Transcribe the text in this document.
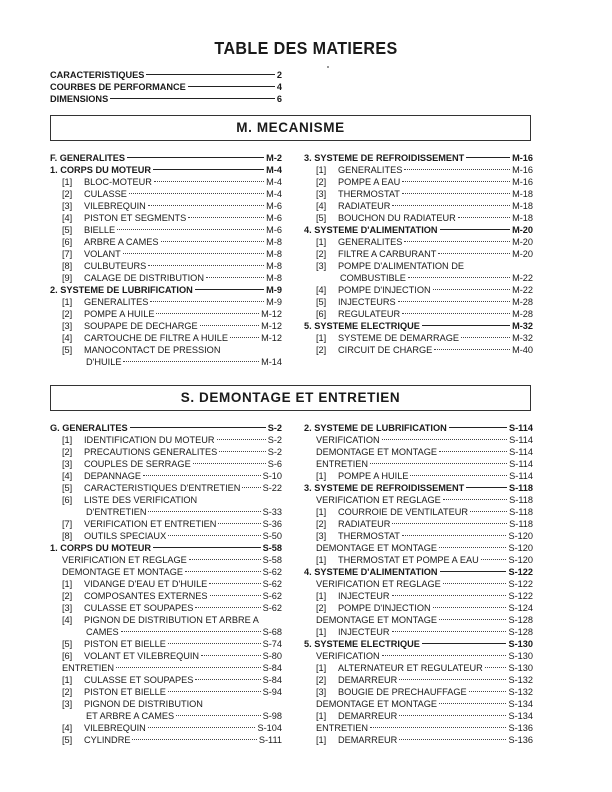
TABLE DES MATIERES
CARACTERISTIQUES	2
COURBES DE PERFORMANCE	4
DIMENSIONS	6
M. MECANISME
F. GENERALITES	M-2
1. CORPS DU MOTEUR	M-4
[1] BLOC-MOTEUR	M-4
[2] CULASSE	M-4
[3] VILEBREQUIN	M-6
[4] PISTON ET SEGMENTS	M-6
[5] BIELLE	M-6
[6] ARBRE A CAMES	M-8
[7] VOLANT	M-8
[8] CULBUTEURS	M-8
[9] CALAGE DE DISTRIBUTION	M-8
2. SYSTEME DE LUBRIFICATION	M-9
[1] GENERALITES	M-9
[2] POMPE A HUILE	M-12
[3] SOUPAPE DE DECHARGE	M-12
[4] CARTOUCHE DE FILTRE A HUILE	M-12
[5] MANOCONTACT DE PRESSION
D'HUILE	M-14
3. SYSTEME DE REFROIDISSEMENT	M-16
[1] GENERALITES	M-16
[2] POMPE A EAU	M-16
[3] THERMOSTAT	M-18
[4] RADIATEUR	M-18
[5] BOUCHON DU RADIATEUR	M-18
4. SYSTEME D'ALIMENTATION	M-20
[1] GENERALITES	M-20
[2] FILTRE A CARBURANT	M-20
[3] POMPE D'ALIMENTATION DE
COMBUSTIBLE	M-22
[4] POMPE D'INJECTION	M-22
[5] INJECTEURS	M-28
[6] REGULATEUR	M-28
5. SYSTEME ELECTRIQUE	M-32
[1] SYSTEME DE DEMARRAGE	M-32
[2] CIRCUIT DE CHARGE	M-40
S. DEMONTAGE ET ENTRETIEN
G. GENERALITES	S-2
[1] IDENTIFICATION DU MOTEUR	S-2
[2] PRECAUTIONS GENERALITES	S-2
[3] COUPLES DE SERRAGE	S-6
[4] DEPANNAGE	S-10
[5] CARACTERISTIQUES D'ENTRETIEN S-22
[6] LISTE DES VERIFICATION
D'ENTRETIEN	S-33
[7] VERIFICATION ET ENTRETIEN	S-36
[8] OUTILS SPECIAUX	S-50
1. CORPS DU MOTEUR	S-58
VERIFICATION ET REGLAGE	S-58
DEMONTAGE ET MONTAGE	S-62
[1] VIDANGE D'EAU ET D'HUILE	S-62
[2] COMPOSANTES EXTERNES	S-62
[3] CULASSE ET SOUPAPES	S-62
[4] PIGNON DE DISTRIBUTION ET ARBRE A
CAMES	S-68
[5] PISTON ET BIELLE	S-74
[6] VOLANT ET VILEBREQUIN	S-80
ENTRETIEN	S-84
[1] CULASSE ET SOUPAPES	S-84
[2] PISTON ET BIELLE	S-94
[3] PIGNON DE DISTRIBUTION
ET ARBRE A CAMES	S-98
[4] VILEBREQUIN	S-104
[5] CYLINDRE	S-111
2. SYSTEME DE LUBRIFICATION	S-114
VERIFICATION	S-114
DEMONTAGE ET MONTAGE	S-114
ENTRETIEN	S-114
[1] POMPE A HUILE	S-114
3. SYSTEME DE REFROIDISSEMENT	S-118
VERIFICATION ET REGLAGE	S-118
[1] COURROIE DE VENTILATEUR	S-118
[2] RADIATEUR	S-118
[3] THERMOSTAT	S-120
DEMONTAGE ET MONTAGE	S-120
[1] THERMOSTAT ET POMPE A EAU	S-120
4. SYSTEME D'ALIMENTATION	S-122
VERIFICATION ET REGLAGE	S-122
[1] INJECTEUR	S-122
[2] POMPE D'INJECTION	S-124
DEMONTAGE ET MONTAGE	S-128
[1] INJECTEUR	S-128
5. SYSTEME ELECTRIQUE	S-130
VERIFICATION	S-130
[1] ALTERNATEUR ET REGULATEUR	S-130
[2] DEMARREUR	S-132
[3] BOUGIE DE PRECHAUFFAGE	S-132
DEMONTAGE ET MONTAGE	S-134
[1] DEMARREUR	S-134
ENTRETIEN	S-136
[1] DEMARREUR	S-136
